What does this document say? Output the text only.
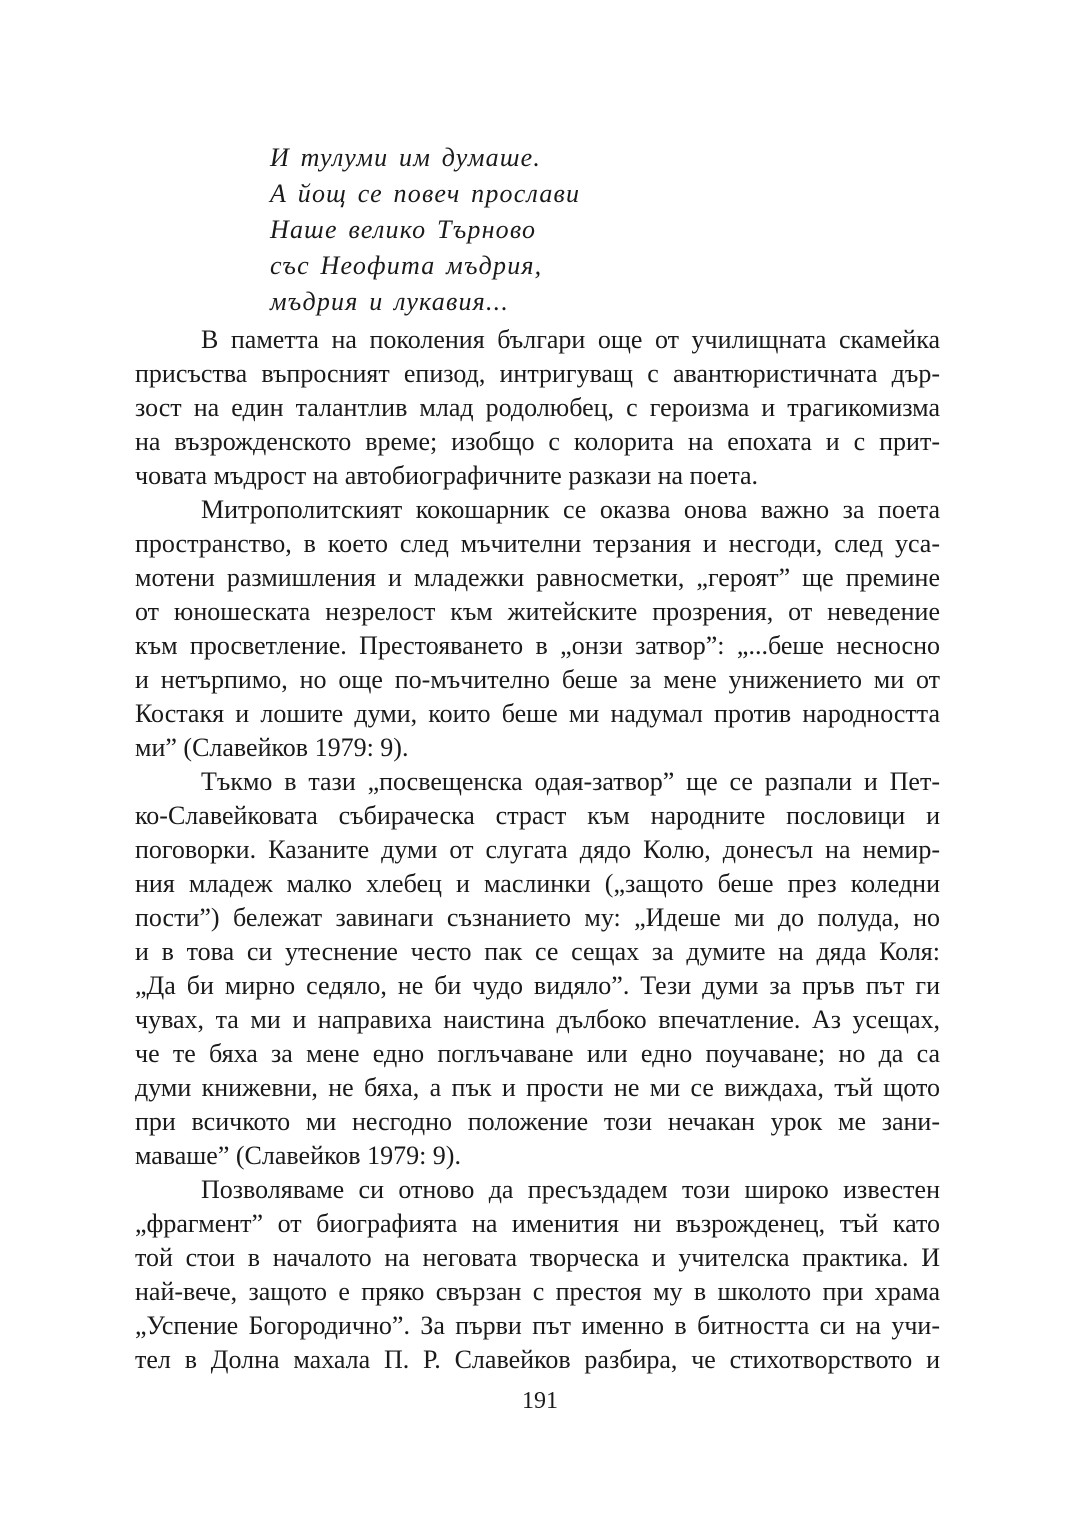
И тулуми им думаше.
А йощ се повеч прослави
Наше велико Търново
със Неофита мъдрия,
мъдрия и лукавия...
В паметта на поколения българи още от училищната скамейка
присъства въпросният епизод, интригуващ с авантюристичната дър-
зост на един талантлив млад родолюбец, с героизма и трагикомизма
на възрожденското време; изобщо с колорита на епохата и с прит-
човата мъдрост на автобиографичните разкази на поета.
Митрополитският кокошарник се оказва онова важно за поета
пространство, в което след мъчителни терзания и несгоди, след уса-
мотени размишления и младежки равносметки, „героят” ще премине
от юношеската незрелост към житейските прозрения, от неведение
към просветление. Престояването в „онзи затвор”: „...беше несносно
и нетърпимо, но още по-мъчително беше за мене унижението ми от
Костакя и лошите думи, които беше ми надумал против народността
ми” (Славейков 1979: 9).
Тъкмо в тази „посвещенска одая-затвор” ще се разпали и Пет-
ко-Славейковата събираческа страст към народните пословици и
поговорки. Казаните думи от слугата дядо Колю, донесъл на немир-
ния младеж малко хлебец и маслинки („защото беше през коледни
пости”) бележат завинаги съзнанието му: „Идеше ми до полуда, но
и в това си утеснение често пак се сещах за думите на дяда Коля:
„Да би мирно седяло, не би чудо видяло”. Тези думи за пръв път ги
чувах, та ми и направиха наистина дълбоко впечатление. Аз усещах,
че те бяха за мене едно поглъчаване или едно поучаване; но да са
думи книжевни, не бяха, а пък и прости не ми се виждаха, тъй щото
при всичкото ми несгодно положение този нечакан урок ме зани-
маваше” (Славейков 1979: 9).
Позволяваме си отново да пресъздадем този широко известен
„фрагмент” от биографията на именития ни възрожденец, тъй като
той стои в началото на неговата творческа и учителска практика. И
най-вече, защото е пряко свързан с престоя му в школото при храма
„Успение Богородично”. За първи път именно в битността си на учи-
тел в Долна махала П. Р. Славейков разбира, че стихотворството и
191
